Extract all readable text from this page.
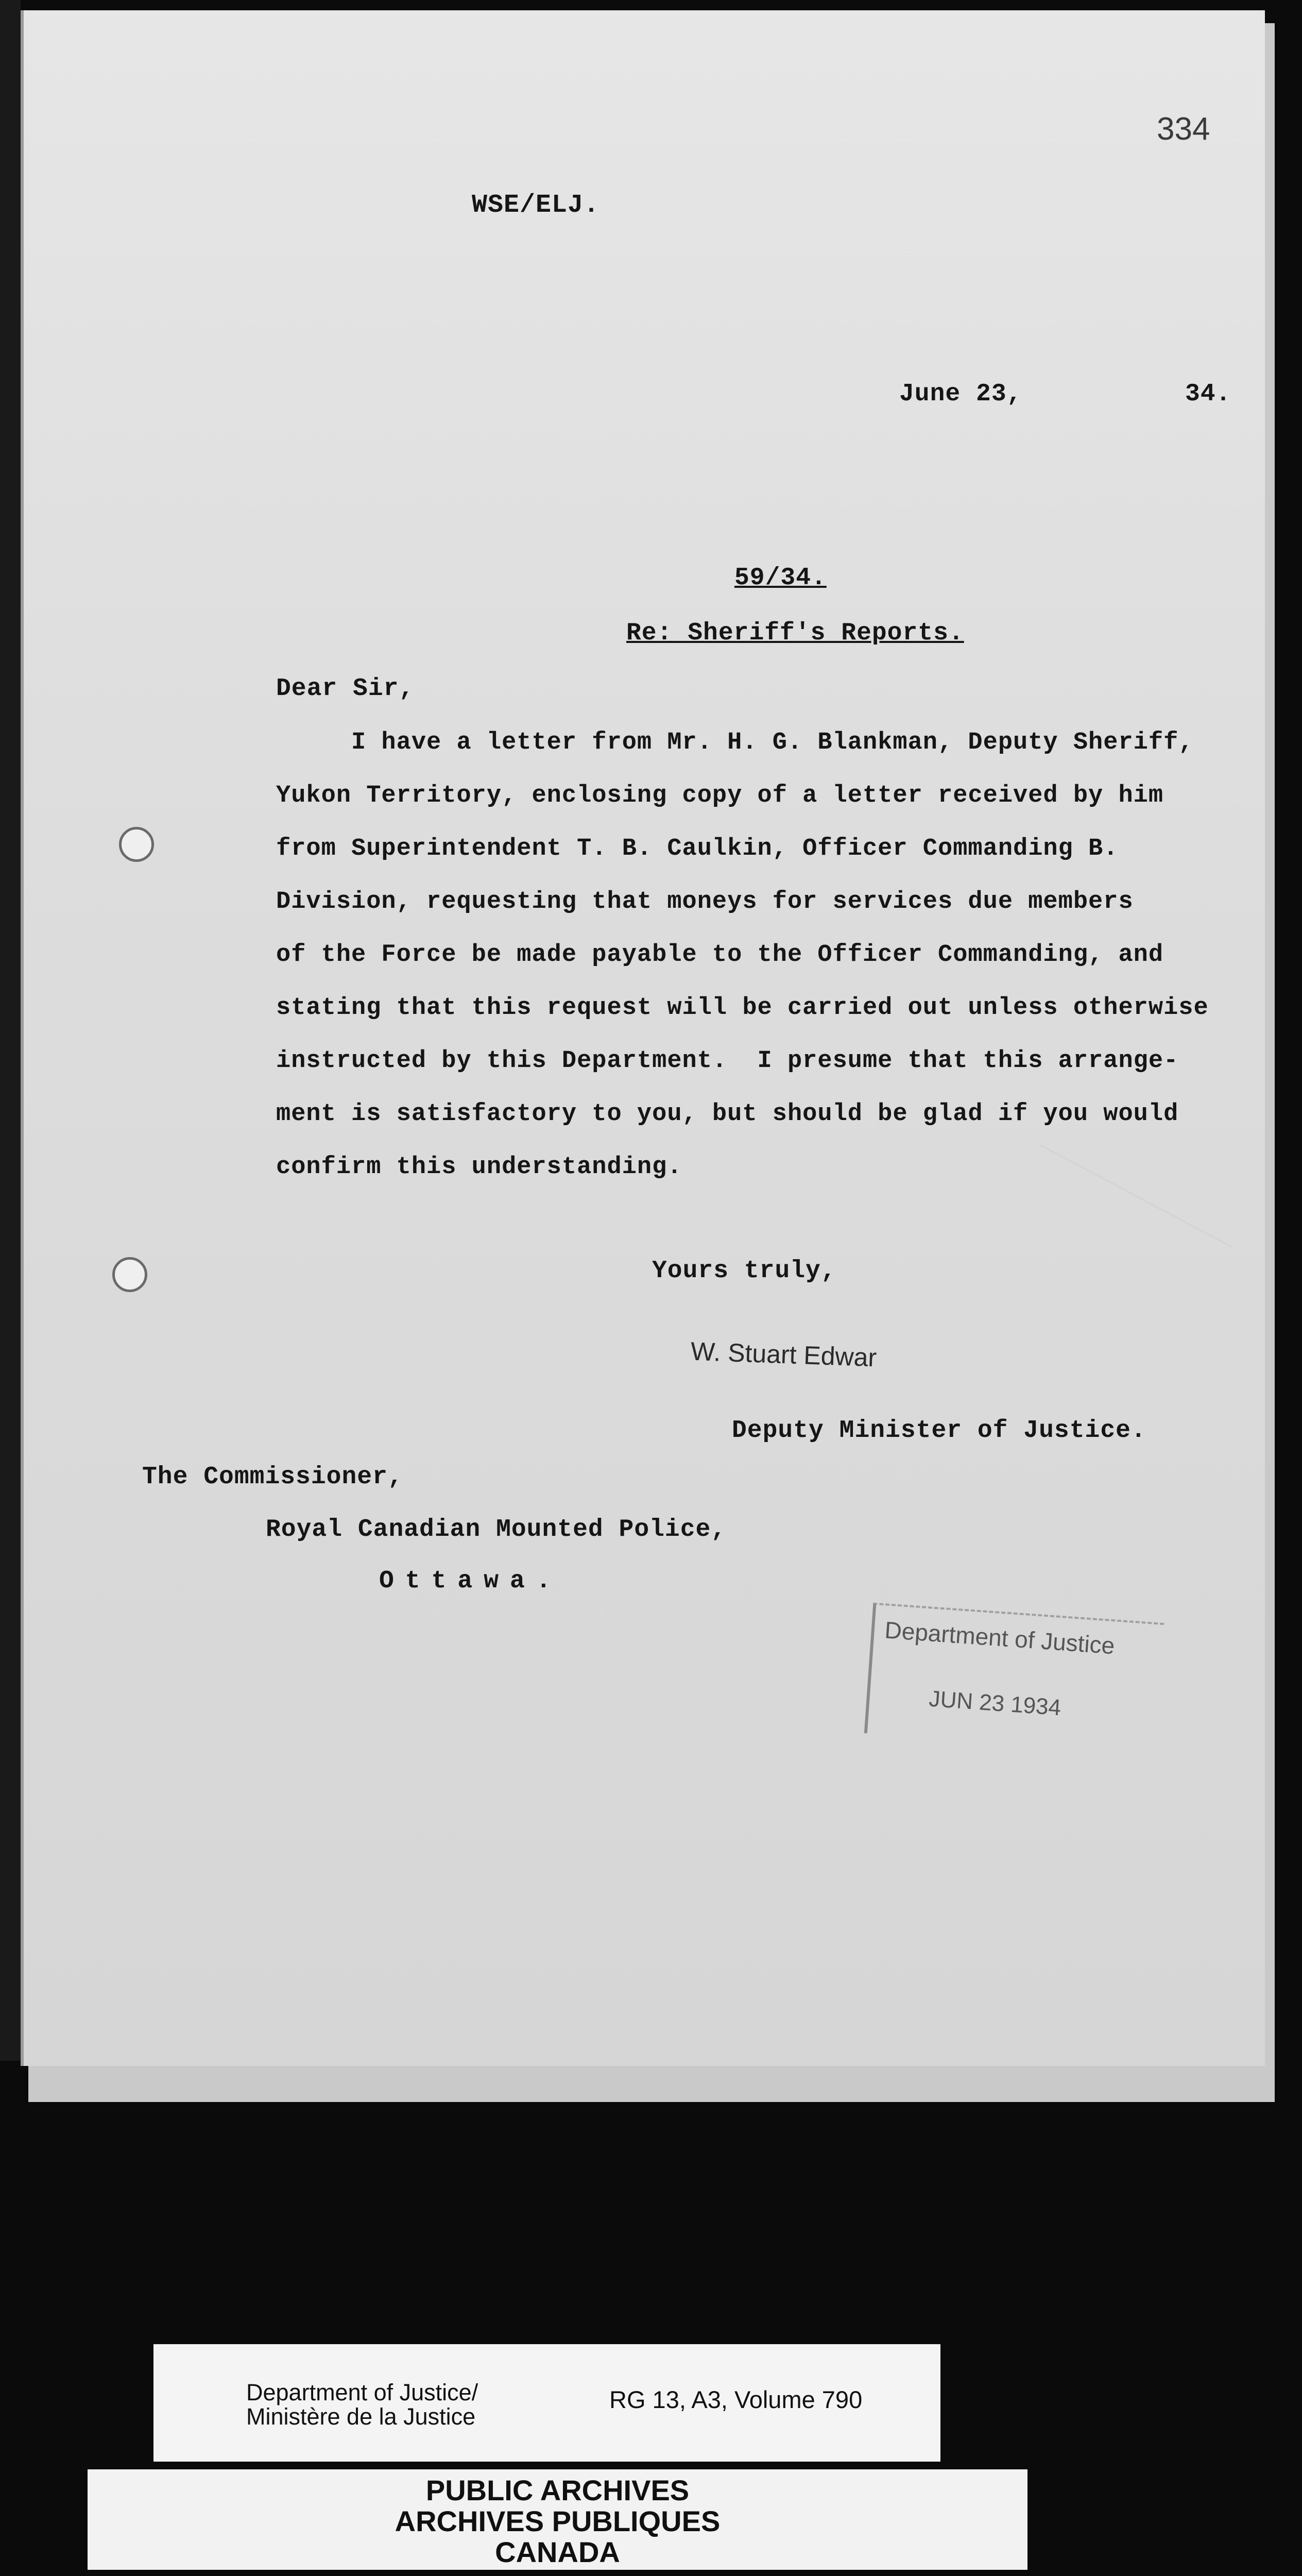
334
WSE/ELJ.
June 23,	34.
59/34.
Re: Sheriff's Reports.
Dear Sir,
I have a letter from Mr. H. G. Blankman, Deputy Sheriff,
Yukon Territory, enclosing copy of a letter received by him
from Superintendent T. B. Caulkin, Officer Commanding B.
Division, requesting that moneys for services due members
of the Force be made payable to the Officer Commanding, and
stating that this request will be carried out unless otherwise
instructed by this Department.  I presume that this arrange-
ment is satisfactory to you, but should be glad if you would
confirm this understanding.
Yours truly,
W. Stuart Edwar
Deputy Minister of Justice.
The Commissioner,
Royal Canadian Mounted Police,
Ottawa.
Department of Justice
JUN 23 1934
Department of Justice/
Ministère de la Justice
RG 13, A3, Volume 790
PUBLIC ARCHIVES
ARCHIVES PUBLIQUES
CANADA
